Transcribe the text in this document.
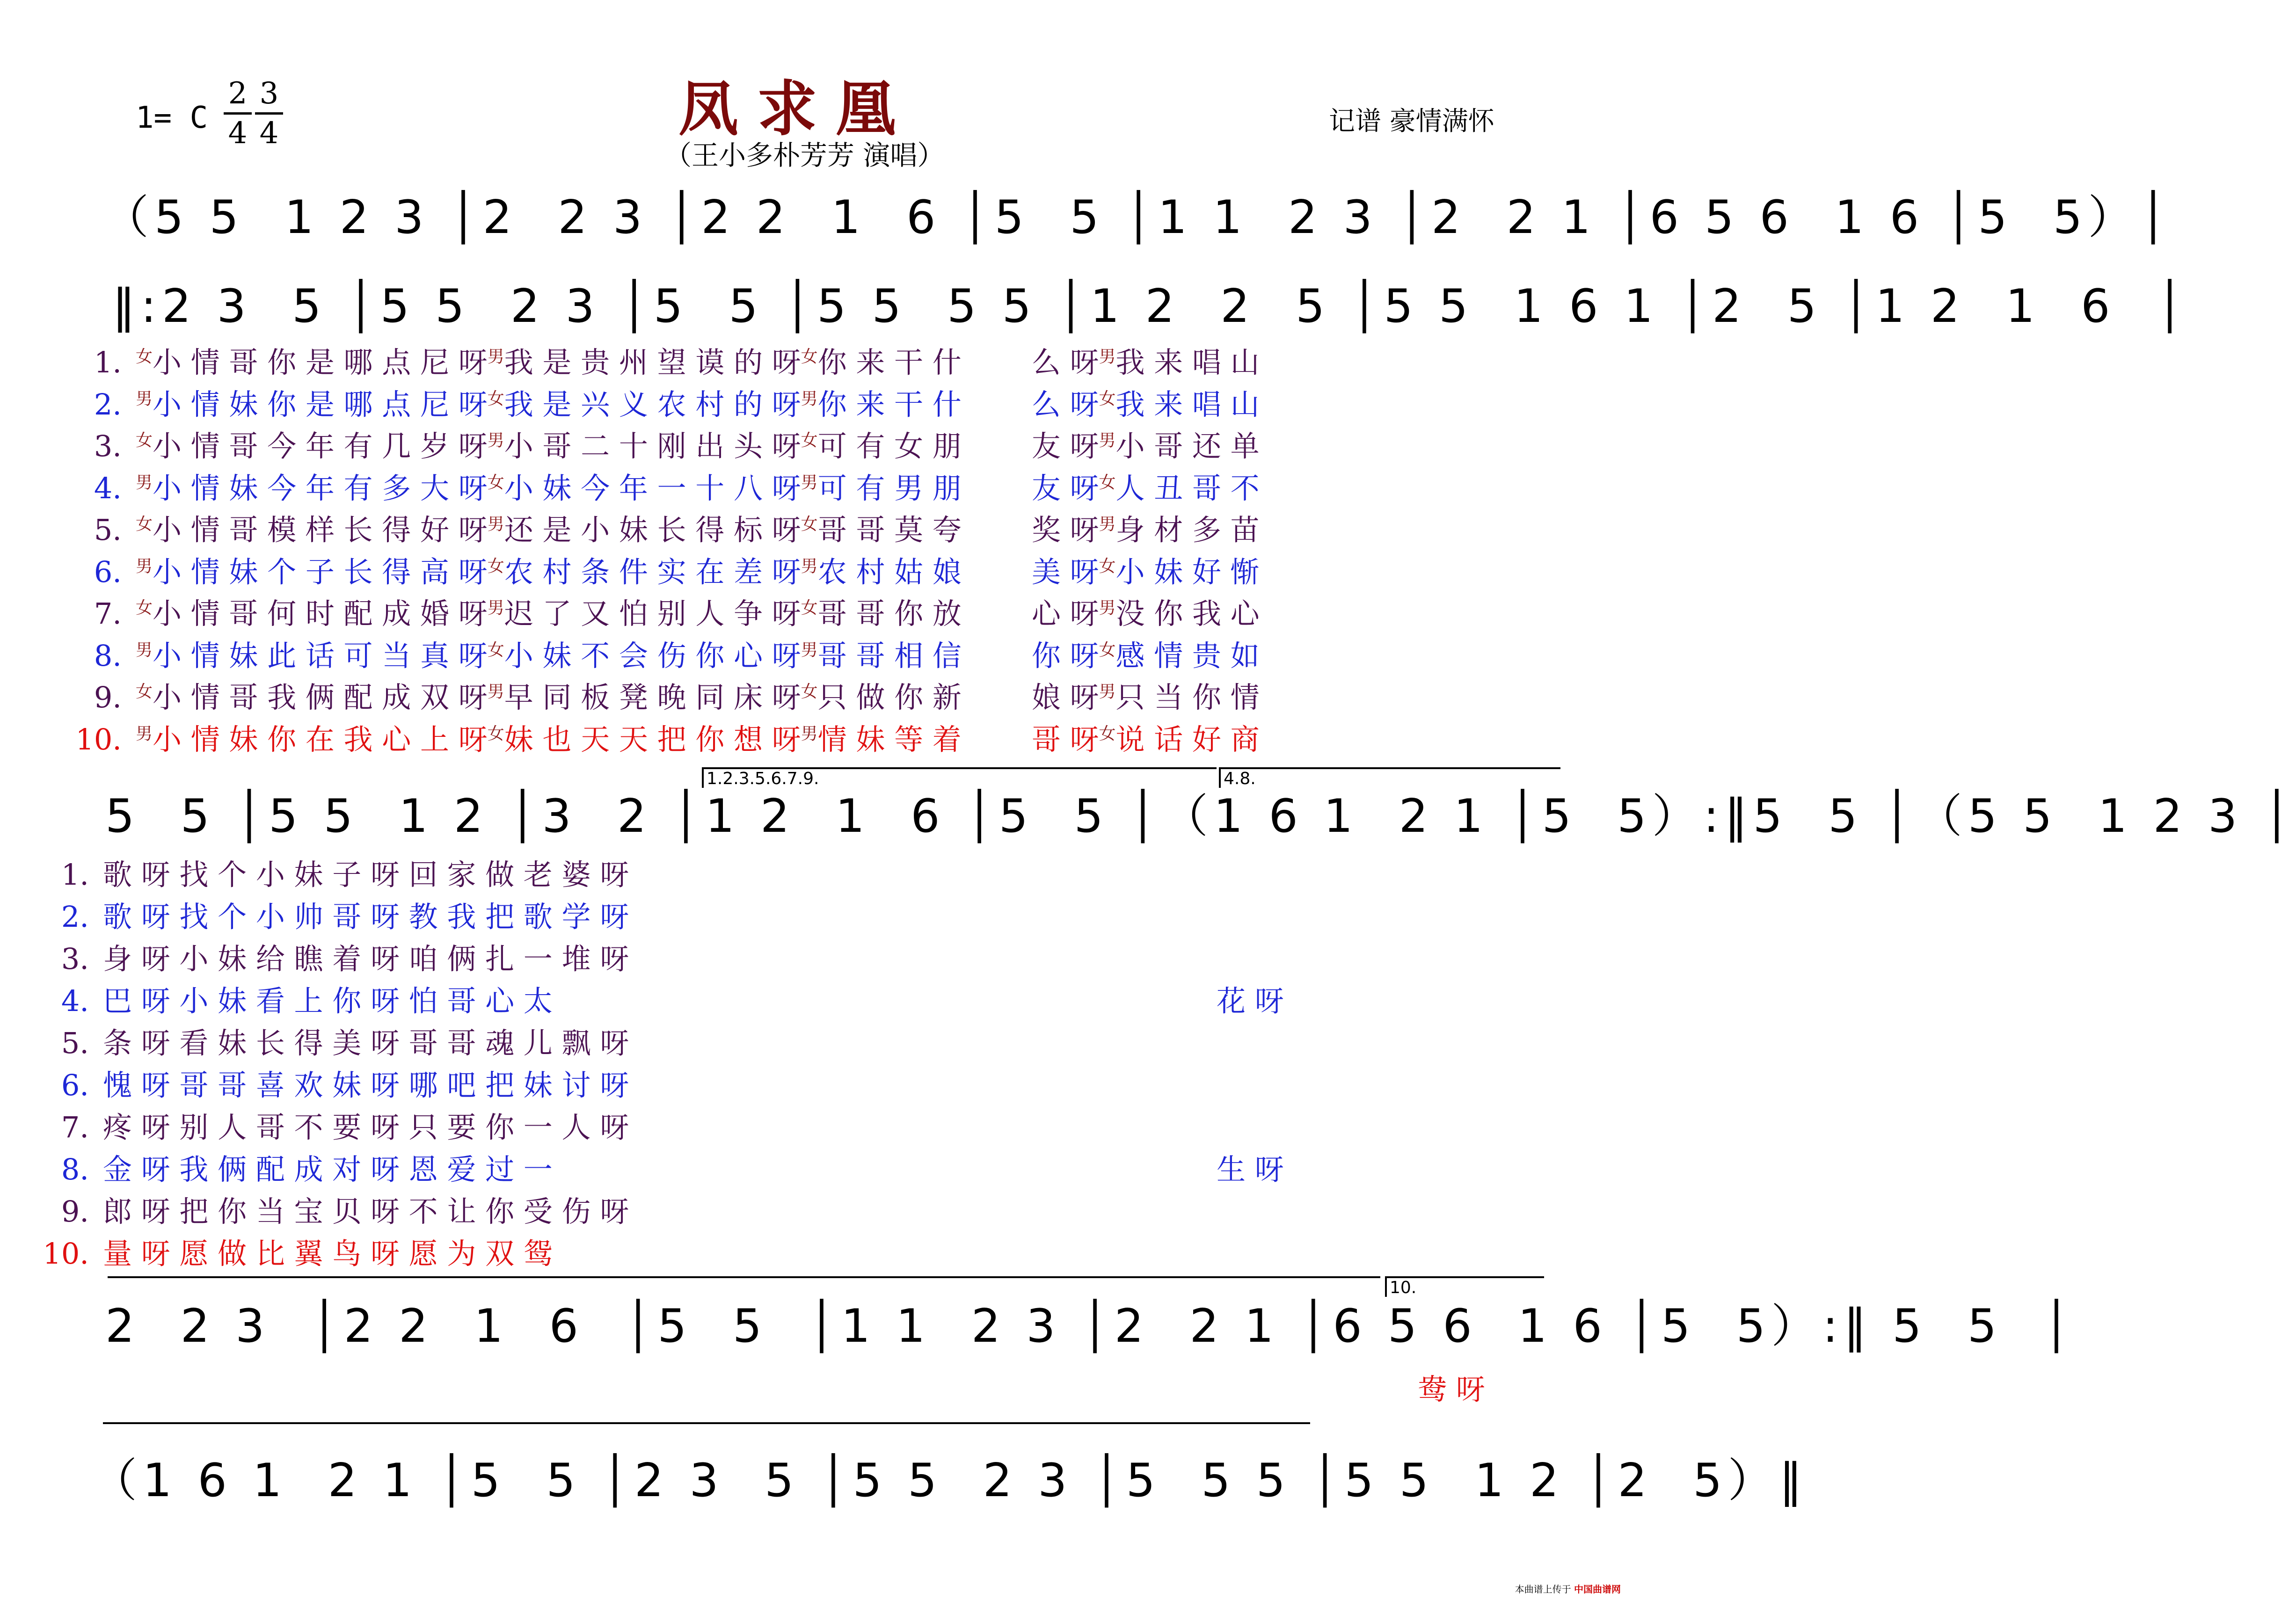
1= C $\frac{2}{4} \frac{3}{4}$	凤求凰
（王小多朴芳芳 演唱）
记谱 豪情满怀
（5 5  1 2 3 │2  2 3 │2 2  1  6 │5  5 │1 1  2 3 │2  2 1 │6 5 6  1 6 │5  5）│
‖:2 3  5 │5 5  2 3 │5  5 │5 5  5 5 │1 2  2  5 │5 5  1 6 1 │2  5 │1 2  1  6  │
1. $^女$小 情 哥 你 是 哪 点 尼 呀$^男$我 是 贵 州 望 谟 的 呀$^女$你 来 干 什 么 呀$^男$我 来 唱 山
2. $^男$小 情 妹 你 是 哪 点 尼 呀$^女$我 是 兴 义 农 村 的 呀$^男$你 来 干 什 么 呀$^女$我 来 唱 山
3. $^女$小 情 哥 今 年 有 几 岁 呀$^男$小 哥 二 十 刚 出 头 呀$^女$可 有 女 朋 友 呀$^男$小 哥 还 单
4. $^男$小 情 妹 今 年 有 多 大 呀$^女$小 妹 今 年 一 十 八 呀$^男$可 有 男 朋 友 呀$^女$人 丑 哥 不
5. $^女$小 情 哥 模 样 长 得 好 呀$^男$还 是 小 妹 长 得 标 呀$^女$哥 哥 莫 夸 奖 呀$^男$身 材 多 苗
6. $^男$小 情 妹 个 子 长 得 高 呀$^女$农 村 条 件 实 在 差 呀$^男$农 村 姑 娘 美 呀$^女$小 妹 好 惭
7. $^女$小 情 哥 何 时 配 成 婚 呀$^男$迟 了 又 怕 别 人 争 呀$^女$哥 哥 你 放 心 呀$^男$没 你 我 心
8. $^男$小 情 妹 此 话 可 当 真 呀$^女$小 妹 不 会 伤 你 心 呀$^男$哥 哥 相 信 你 呀$^女$感 情 贵 如
9. $^女$小 情 哥 我 俩 配 成 双 呀$^男$早 同 板 凳 晚 同 床 呀$^女$只 做 你 新 娘 呀$^男$只 当 你 情
10. $^男$小 情 妹 你 在 我 心 上 呀$^女$妹 也 天 天 把 你 想 呀$^男$情 妹 等 着 哥 呀$^女$说 话 好 商
1.2.3.5.6.7.9.	4.8.
5  5 │5 5  1 2 │3  2 │1 2  1  6 │5  5 │（1 6 1  2 1 │5  5）:‖5  5 │（5 5  1 2 3 │
1. 歌 呀 找 个 小 妹 子 呀 回 家 做 老 婆 呀
2. 歌 呀 找 个 小 帅 哥 呀 教 我 把 歌 学 呀
3. 身 呀 小 妹 给 瞧 着 呀 咱 俩 扎 一 堆 呀
4. 巴 呀 小 妹 看 上 你 呀 怕 哥 心 太	花 呀
5. 条 呀 看 妹 长 得 美 呀 哥 哥 魂 儿 飘 呀
6. 愧 呀 哥 哥 喜 欢 妹 呀 哪 吧 把 妹 讨 呀
7. 疼 呀 别 人 哥 不 要 呀 只 要 你 一 人 呀
8. 金 呀 我 俩 配 成 对 呀 恩 爱 过 一	生 呀
9. 郎 呀 把 你 当 宝 贝 呀 不 让 你 受 伤 呀
10. 量 呀 愿 做 比 翼 鸟 呀 愿 为 双 鸳
10.
2  2 3  │2 2  1  6  │5  5  │1 1  2 3 │2  2 1 │6 5 6  1 6 │5  5）:‖ 5  5  │
鸯 呀
（1 6 1  2 1 │5  5 │2 3  5 │5 5  2 3 │5  5 5 │5 5  1 2 │2  5）‖
本曲谱上传于 中国曲谱网
